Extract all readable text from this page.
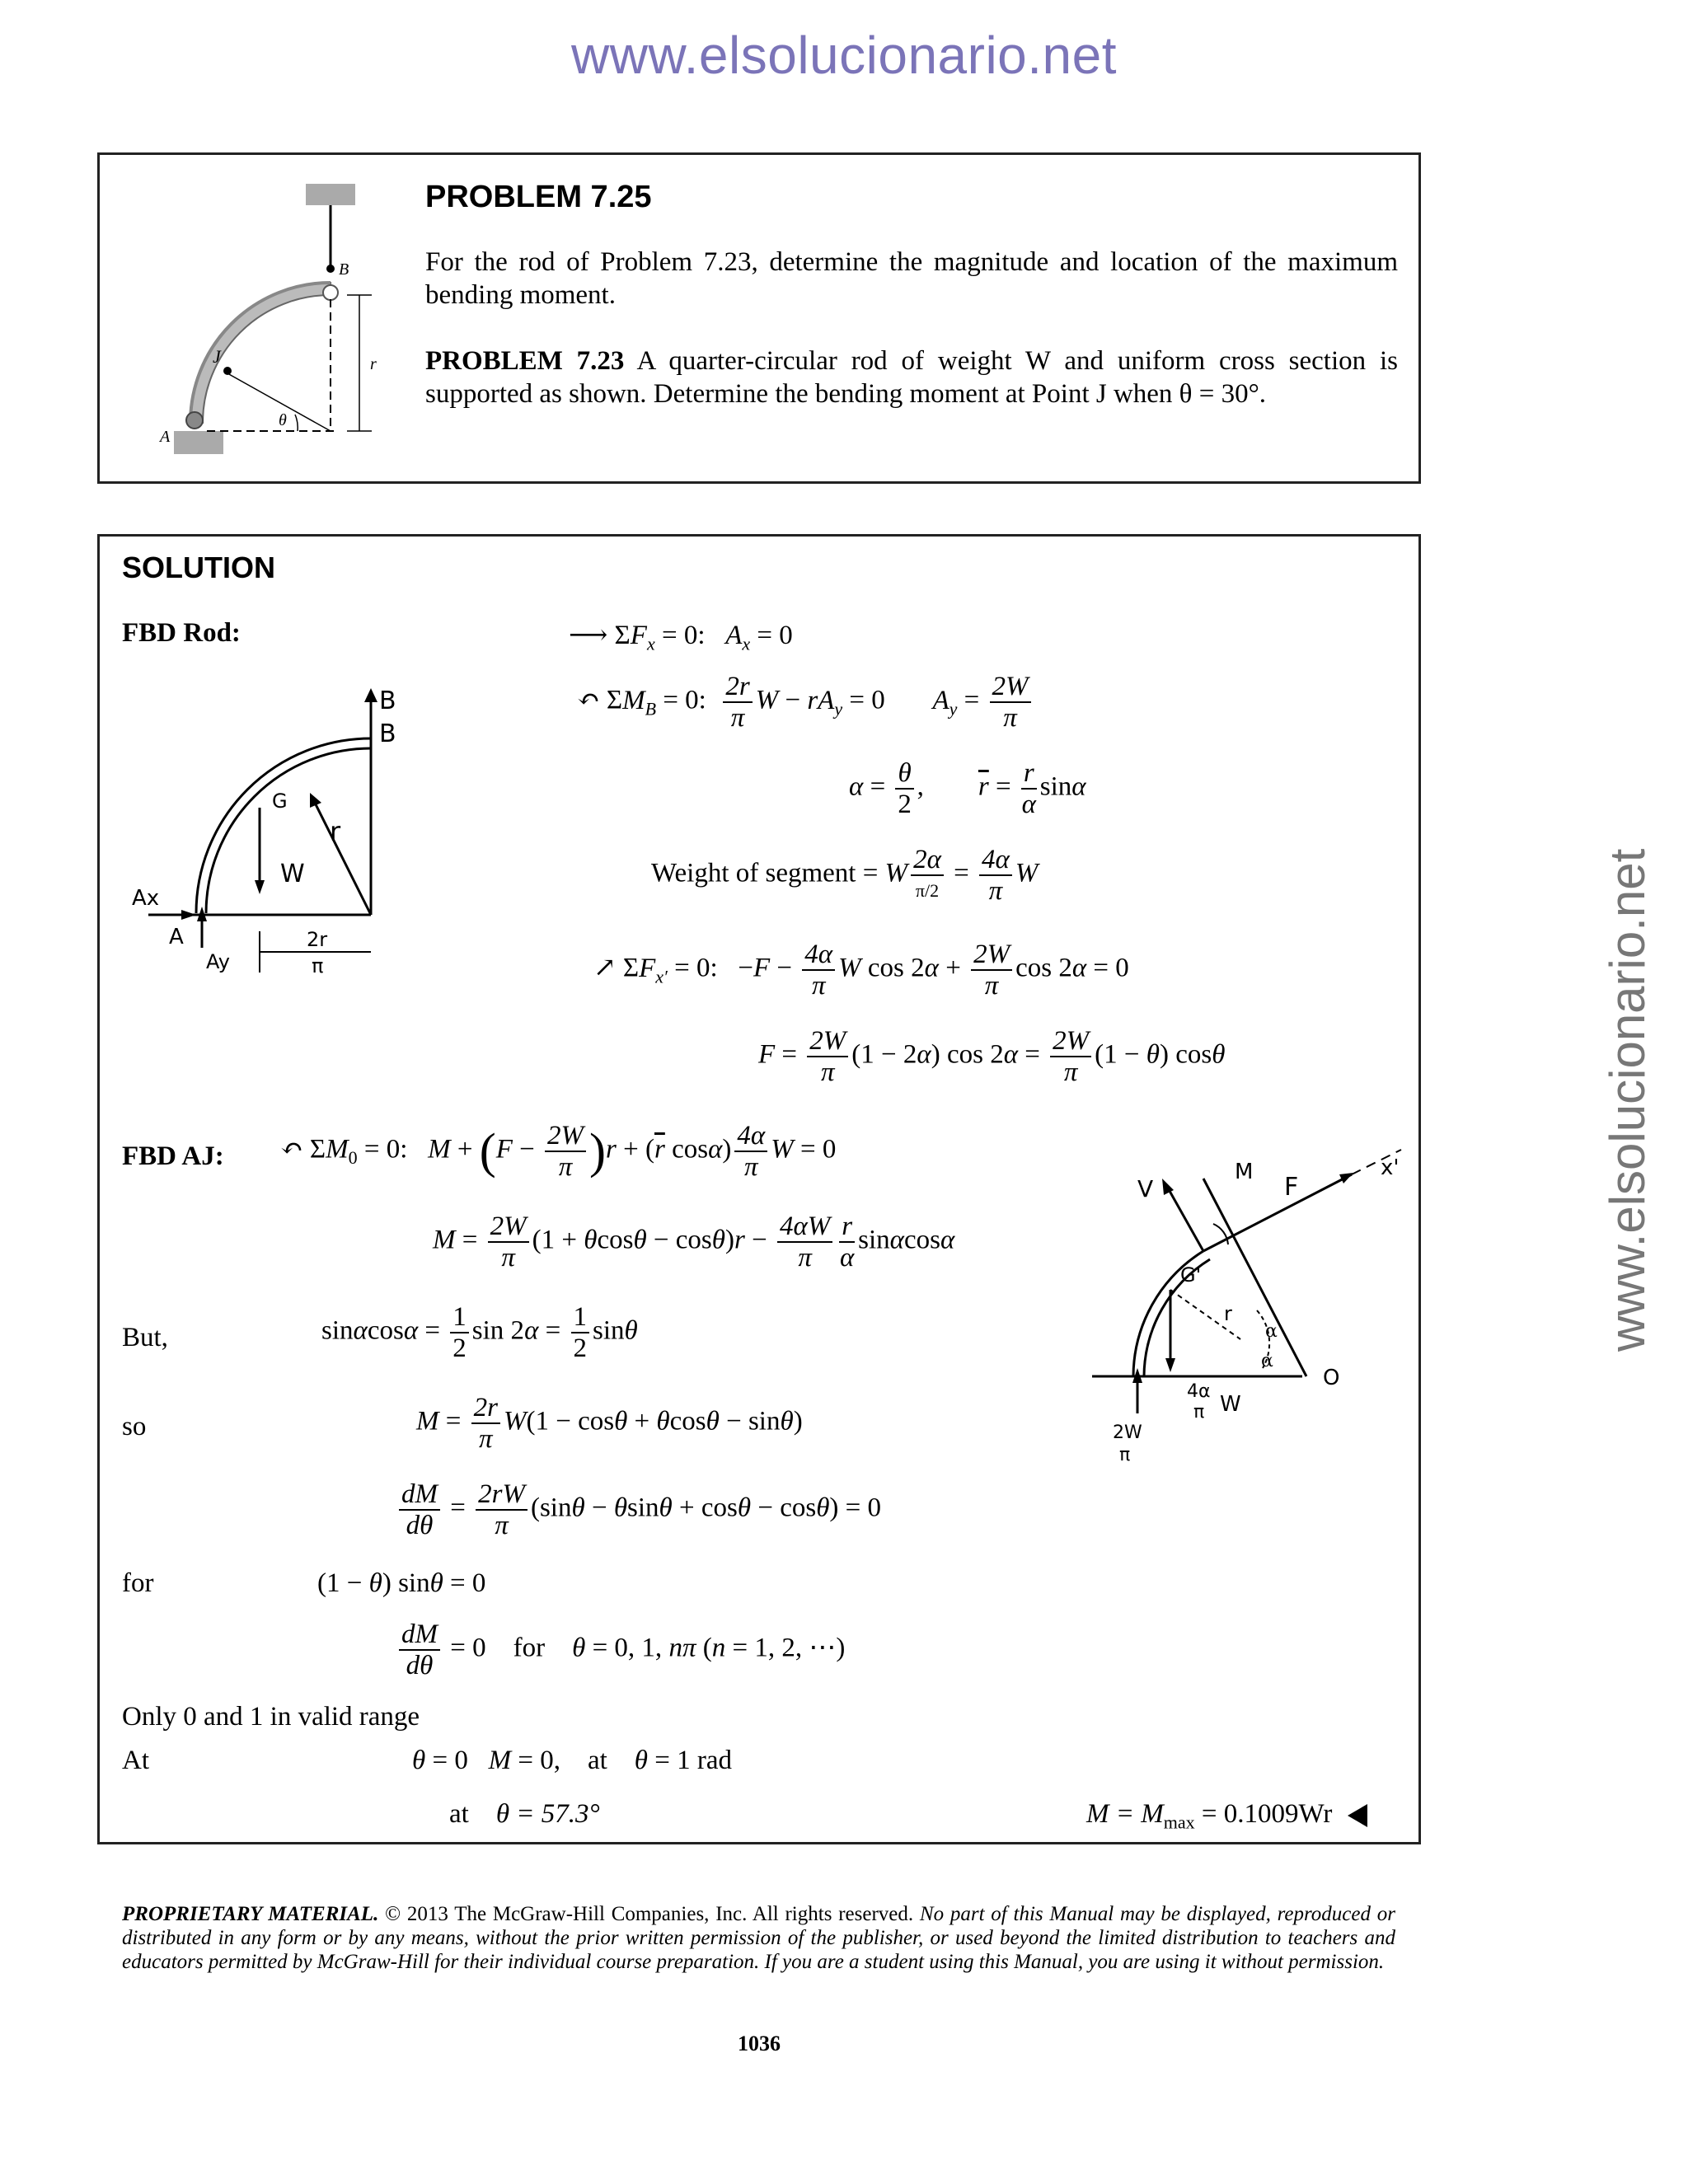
www.elsolucionario.net
www.elsolucionario.net
B
J
A
θ
r
PROBLEM 7.25
For the rod of Problem 7.23, determine the magnitude and location of the maximum bending moment.
PROBLEM 7.23 A quarter-circular rod of weight W and uniform cross section is supported as shown. Determine the bending moment at Point J when θ = 30°.
SOLUTION
FBD Rod:
B
B
G
r
W
Ax
A
Ay
2r
π
⟶ $\Sigma F_x = 0$:   $A_x = 0$
↶ $\Sigma M_B = 0$: $\frac{2r}{\pi}$ $W - rA_y = 0$       $A_y = \frac{2W}{\pi}$
$\alpha = \frac{\theta}{2}$ ,        $\overline{r} = \frac{r}{\alpha}$ sinα
Weight of segment = W $\frac{2\alpha}{\pi/2} = \frac{4\alpha}{\pi}$ W
↗ $\Sigma F_{x'} = 0$:   $-F - \frac{4\alpha}{\pi}$ W $\cos 2\alpha + \frac{2W}{\pi}$ cos 2α = 0
$F = \frac{2W}{\pi} (1 - 2\alpha)$ $\cos 2\alpha = \frac{2W}{\pi} (1 - \theta)$ cosθ
FBD AJ: ↶ $\Sigma M_0 = 0$:   $M + (F - \frac{2W}{\pi} )r + (\overline{r}$ $\cos\alpha) \frac{4\alpha}{\pi}$ W = 0
$M = \frac{2W}{\pi} (1 + \theta\cos\theta - \cos\theta)r - \frac{4\alpha W}{\pi} \frac{r}{\alpha}$ sinαcosα
V
M
F
x'
G'
r
α
α
O
4α
π W
2W
π
But,	$\sin\alpha\cos\alpha = \frac{1}{2}$ $\sin 2\alpha = \frac{1}{2}$ sinθ
so	$M = \frac{2r}{\pi} W(1 - \cos\theta + \theta\cos\theta - \sin\theta)$
$\frac{dM}{d\theta} = \frac{2rW}{\pi} (\sin\theta - \theta\sin\theta + \cos\theta - \cos\theta) = 0$
for	(1 − θ) sinθ = 0
$\frac{dM}{d\theta} = 0$    for    θ = 0, 1, nπ (n = 1, 2, ⋯)
Only 0 and 1 in valid range
At	θ = 0   M = 0,    at    θ = 1 rad
at θ = 57.3°	$M = M_{max} = 0.1009Wr$
PROPRIETARY MATERIAL. © 2013 The McGraw-Hill Companies, Inc. All rights reserved. No part of this Manual may be displayed, reproduced or distributed in any form or by any means, without the prior written permission of the publisher, or used beyond the limited distribution to teachers and educators permitted by McGraw-Hill for their individual course preparation. If you are a student using this Manual, you are using it without permission.
1036
